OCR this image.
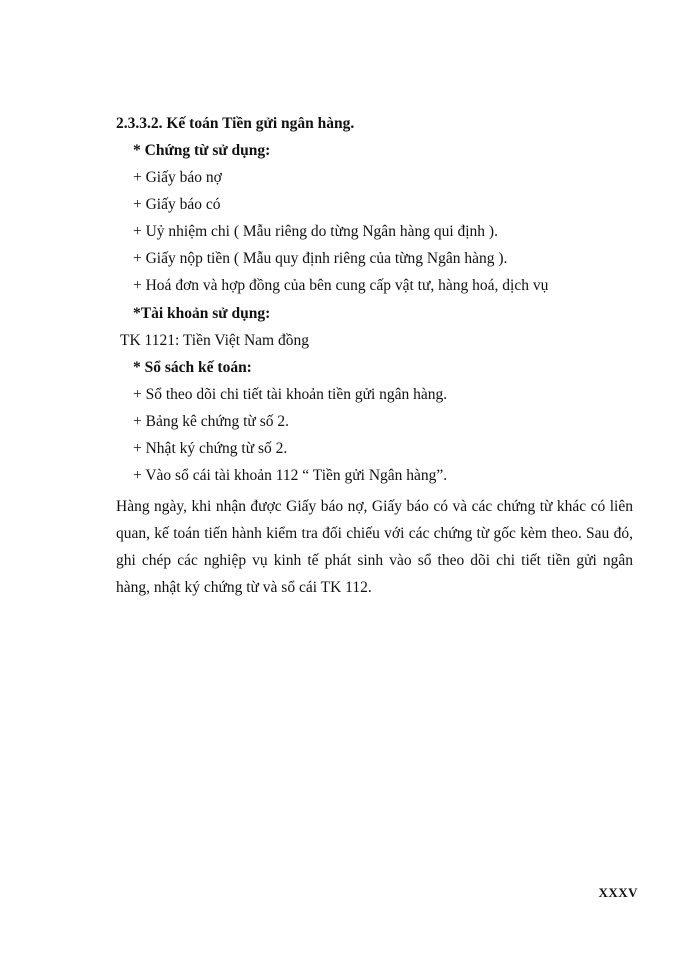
2.3.3.2. Kế toán Tiền gửi ngân hàng.
* Chứng từ sử dụng:
+ Giấy báo nợ
+ Giấy báo có
+ Uỷ nhiệm chi ( Mẫu riêng do từng Ngân hàng qui định ).
+ Giấy nộp tiền ( Mẫu quy định riêng của từng Ngân hàng ).
+ Hoá đơn và hợp đồng của bên cung cấp vật tư, hàng hoá, dịch vụ
*Tài khoản sử dụng:
TK 1121: Tiền Việt Nam đồng
* Sổ sách kế toán:
+ Sổ theo dõi chi tiết tài khoản tiền gửi ngân hàng.
+ Bảng kê chứng từ số 2.
+ Nhật ký chứng từ số 2.
+ Vào sổ cái tài khoản 112 “ Tiền gửi Ngân hàng”.
Hàng ngày, khi nhận được Giấy báo nợ, Giấy báo có và các chứng từ khác có liên quan, kế toán tiến hành kiểm tra đối chiếu với các chứng từ gốc kèm theo. Sau đó, ghi chép các nghiệp vụ kinh tế phát sinh vào sổ theo dõi chi tiết tiền gửi ngân hàng, nhật ký chứng từ và sổ cái TK 112.
XXXV
